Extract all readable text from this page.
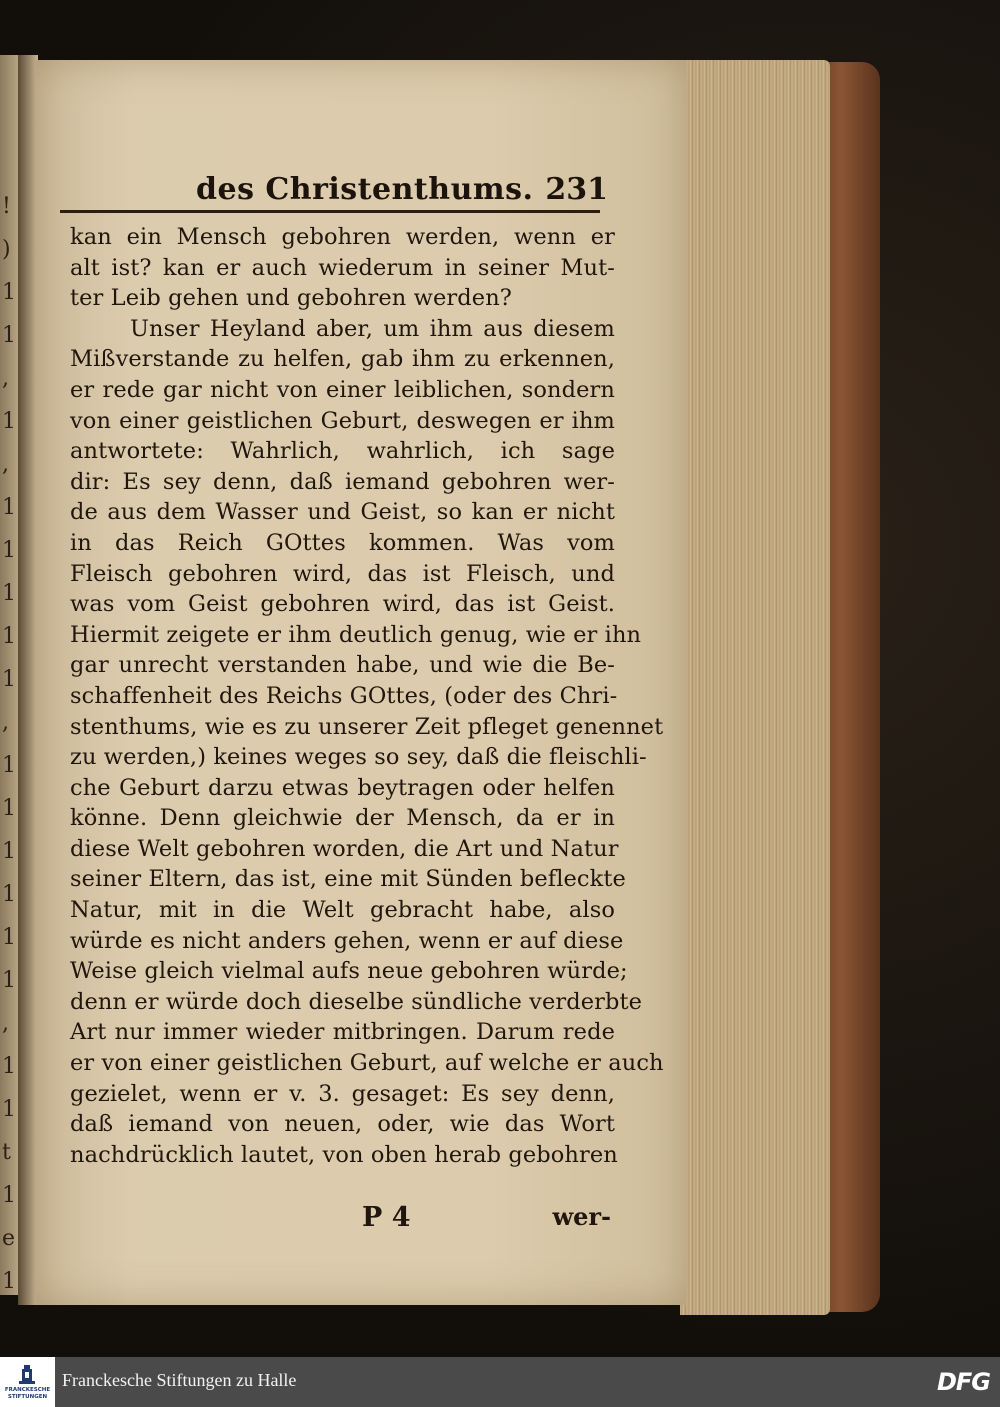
!
)
1
1
,
1
,
1
1
1
1
1
,
1
1
1
1
1
1
,
1
1
t
1
e
1
des Christenthums. 231
kan ein Mensch gebohren werden, wenn er
alt ist? kan er auch wiederum in seiner Mut-
ter Leib gehen und gebohren werden?
Unser Heyland aber, um ihm aus diesem
Mißverstande zu helfen, gab ihm zu erkennen,
er rede gar nicht von einer leiblichen, sondern
von einer geistlichen Geburt, deswegen er ihm
antwortete: Wahrlich, wahrlich, ich sage
dir: Es sey denn, daß iemand gebohren wer-
de aus dem Wasser und Geist, so kan er nicht
in das Reich GOttes kommen. Was vom
Fleisch gebohren wird, das ist Fleisch, und
was vom Geist gebohren wird, das ist Geist.
Hiermit zeigete er ihm deutlich genug, wie er ihn
gar unrecht verstanden habe, und wie die Be-
schaffenheit des Reichs GOttes, (oder des Chri-
stenthums, wie es zu unserer Zeit pfleget genennet
zu werden,) keines weges so sey, daß die fleischli-
che Geburt darzu etwas beytragen oder helfen
könne. Denn gleichwie der Mensch, da er in
diese Welt gebohren worden, die Art und Natur
seiner Eltern, das ist, eine mit Sünden befleckte
Natur, mit in die Welt gebracht habe, also
würde es nicht anders gehen, wenn er auf diese
Weise gleich vielmal aufs neue gebohren würde;
denn er würde doch dieselbe sündliche verderbte
Art nur immer wieder mitbringen. Darum rede
er von einer geistlichen Geburt, auf welche er auch
gezielet, wenn er v. 3. gesaget: Es sey denn,
daß iemand von neuen, oder, wie das Wort
nachdrücklich lautet, von oben herab gebohren
P 4	wer-
FRANCKESCHE STIFTUNGEN
Franckesche Stiftungen zu Halle	DFG
